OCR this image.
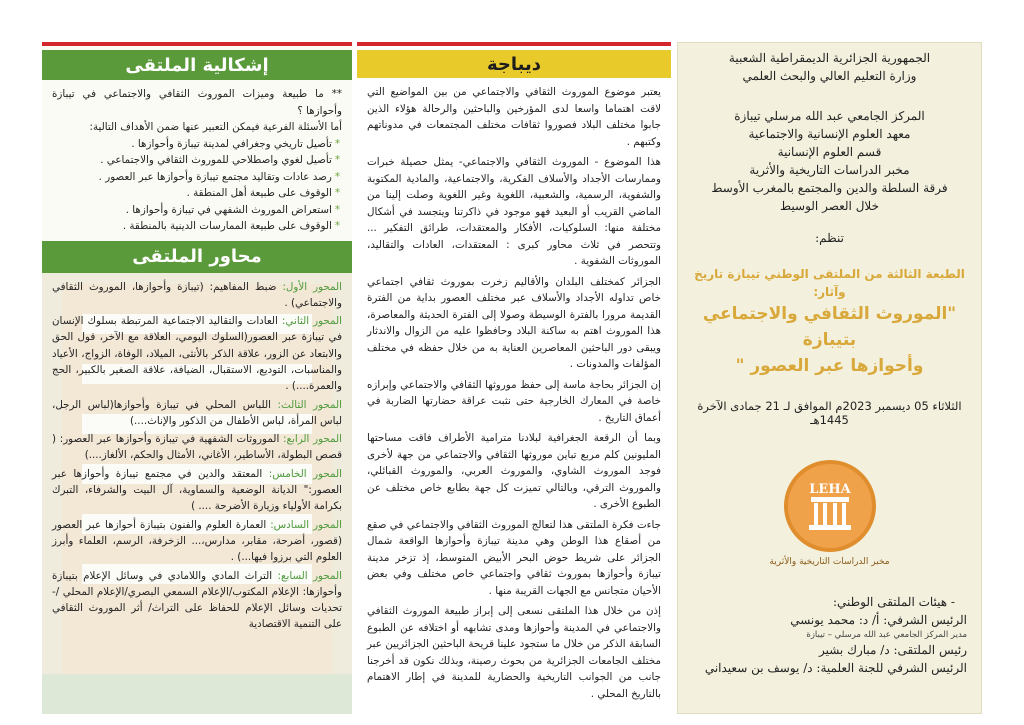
إشكالية الملتقى

** ما طبيعة وميزات الموروث الثقافي والاجتماعي في تيبازة وأحوازها ؟

أما الأسئلة الفرعية فيمكن التعبير عنها ضمن الأهداف التالية:

*تأصيل تاريخي وجغرافي لمدينة تيبازة وأحوازها .
*تأصيل لغوي واصطلاحي للموروث الثقافي والاجتماعي .
*رصد عادات وتقاليد مجتمع تيبازة وأحوازها عبر العصور .
*الوقوف على طبيعة أهل المنطقة .
*استعراض الموروث الشفهي في تيبازة وأحوازها .
*الوقوف على طبيعة الممارسات الدينية بالمنطقة .
محاور الملتقى

المحور الأول: ضبط المفاهيم: (تيبازة وأحوازها، الموروث الثقافي والاجتماعي) .

المحور الثاني: العادات والتقاليد الاجتماعية المرتبطة بسلوك الإنسان في تيبازة عبر العصور(السلوك اليومي، العلاقة مع الآخر، قول الحق والابتعاد عن الزور، علاقة الذكر بالأنثى، الميلاد، الوفاة، الزواج، الأعياد والمناسبات، التوديع، الاستقبال، الضيافة، علاقة الصغير بالكبير، الحج والعمرة....) .

المحور الثالث: اللباس المحلي في تيبازة وأحوازها(لباس الرجل، لباس المرأة، لباس الأطفال من الذكور والإناث....)

المحور الرابع: الموروثات الشفهية في تيبازة وأحوازها عبر العصور: ( قصص البطولة، الأساطير، الأغاني، الأمثال والحكم، الألغاز....)

المحور الخامس: المعتقد والدين في مجتمع تيبازة وأحوازها عبر العصور:" الديانة الوضعية والسماوية، آل البيت والشرفاء، التبرك بكرامة الأولياء وزيارة الأضرحة .... )

المحور السادس: العمارة العلوم والفنون بتيبازة أحوازها عبر العصور (قصور، أضرحة، مقابر، مدارس،... الزخرفة، الرسم، العلماء وأبرز العلوم التي برزوا فيها...) .

المحور السابع: التراث المادي واللامادي في وسائل الإعلام بتيبازة وأحوازها: الإعلام المكتوب/الإعلام السمعي البصري/الإعلام المحلي /- تحديات وسائل الإعلام للحفاظ على التراث/ أثر الموروث الثقافي على التنمية الاقتصادية

ديباجة

يعتبر موضوع الموروث الثقافي والاجتماعي من بين المواضيع التي لاقت اهتماما واسعا لدى المؤرخين والباحثين والرحالة هؤلاء الذين جابوا مختلف البلاد فصوروا ثقافات مختلف المجتمعات في مدوناتهم وكتبهم .

هذا الموضوع - الموروث الثقافي والاجتماعي- يمثل حصيلة خبرات وممارسات الأجداد والأسلاف الفكرية، والاجتماعية، والمادية المكتوبة والشفوية، الرسمية، والشعبية، اللغوية وغير اللغوية وصلت إلينا من الماضي القريب أو البعيد فهو موجود في ذاكرتنا ويتجسد في أشكال مختلفة منها: السلوكيات، الأفكار والمعتقدات، طرائق التفكير ... وتتحصر في ثلاث محاور كبرى : المعتقدات، العادات والتقاليد، الموروثات الشفوية .

الجزائر كمختلف البلدان والأقاليم زخرت بموروث ثقافي اجتماعي خاص تداوله الأجداد والأسلاف عبر مختلف العصور بداية من الفترة القديمة مرورا بالفترة الوسيطة وصولا إلى الفترة الحديثة والمعاصرة، هذا الموروث اهتم به ساكنة البلاد وحافظوا عليه من الزوال والاندثار ويبقى دور الباحثين المعاصرين العناية به من خلال حفظه في مختلف المؤلفات والمدونات .

إن الجزائر بحاجة ماسة إلى حفظ موروثها الثقافي والاجتماعي وإبرازه خاصة في المعارك الخارجية حتى نثبت عراقة حضارتها الضاربة في أعماق التاريخ .

وبما أن الرقعة الجغرافية لبلادنا مترامية الأطراف فاقت مساحتها المليونين كلم مربع تباين موروثها الثقافي والاجتماعي من جهة لأخرى فوجد الموروث الشاوي، والموروث العربي، والموروث القبائلي، والموروث الترقي، وبالتالي تميزت كل جهة بطابع خاص مختلف عن الطبوع الأخرى .

جاءت فكرة الملتقى هذا لتعالج الموروث الثقافي والاجتماعي في صقع من أصقاع هذا الوطن وهي مدينة تيبازة وأحوازها الواقعة شمال الجزائر على شريط حوض البحر الأبيض المتوسط، إذ تزخر مدينة تيبازة وأحوازها بموروث ثقافي واجتماعي خاص مختلف وفي بعض الأحيان متجانس مع الجهات القريبة منها .

إذن من خلال هذا الملتقى نسعى إلى إبراز طبيعة الموروث الثقافي والاجتماعي في المدينة وأحوازها ومدى تشابهه أو اختلافه عن الطبوع السابقة الذكر من خلال ما ستجود علينا قريحة الباحثين الجزائريين عبر مختلف الجامعات الجزائرية من بحوث رصينة، وبذلك نكون قد أخرجنا جانب من الجوانب التاريخية والحضارية للمدينة في إطار الاهتمام بالتاريخ المحلي .

الجمهورية الجزائرية الديمقراطية الشعبية

وزارة التعليم العالي والبحث العلمي

المركز الجامعي عبد الله مرسلي تيبازة

معهد العلوم الإنسانية والاجتماعية

قسم العلوم الإنسانية

مخبر الدراسات التاريخية والأثرية

فرقة السلطة والدين والمجتمع بالمغرب الأوسط

خلال العصر الوسيط

تنظم:

الطبعة الثالثة من الملتقى الوطني تيبازة تاريخ وآثار:

"الموروث الثقافي والاجتماعي بتيبازة

وأحوازها عبر العصور "

الثلاثاء 05 ديسمبر 2023م الموافق لـ 21 جمادى الآخرة 1445هـ

LEHA

مخبر الدراسات التاريخية والأثرية

- هيئات الملتقى الوطني:

الرئيس الشرفي: أ/ د: محمد يونسي

مدير المركز الجامعي عبد الله مرسلي – تيبازة

رئيس الملتقى: د/ مبارك بشير

الرئيس الشرفي للجنة العلمية: د/ يوسف بن سعيداني
